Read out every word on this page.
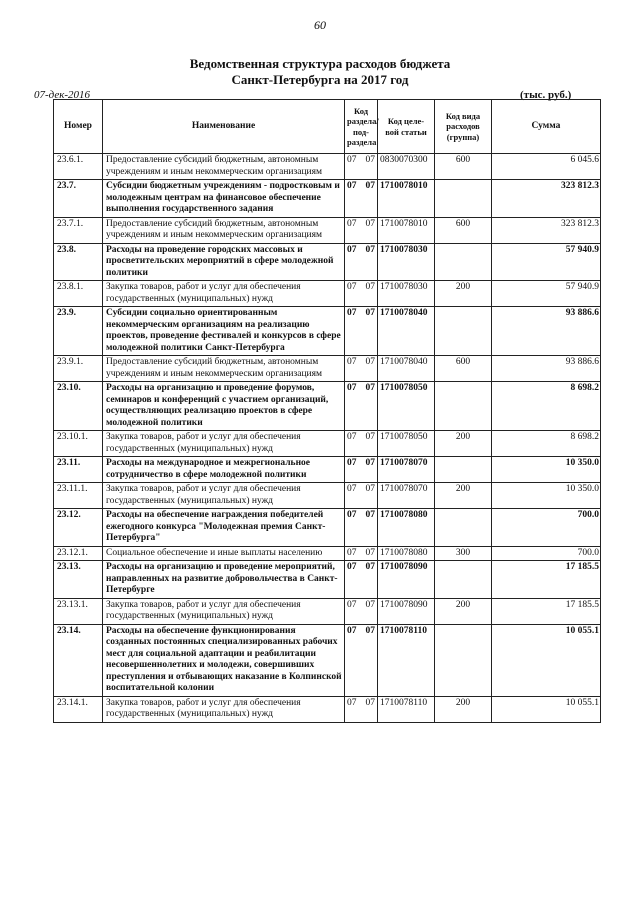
60
Ведомственная структура расходов бюджета
Санкт-Петербурга на 2017 год
07-дек-2016	(тыс. руб.)
Номер	Наименование	Код раздела/ под- раздела	Код целе- вой статьи	Код вида расходов (группа)	Сумма
23.6.1.	Предоставление субсидий бюджетным, автономным учреждениям и иным некоммерческим организациям	07 07	0830070300	600	6 045.6
23.7.	Субсидии бюджетным учреждениям - подростковым и молодежным центрам на финансовое обеспечение выполнения государственного задания	07 07	1710078010		323 812.3
23.7.1.	Предоставление субсидий бюджетным, автономным учреждениям и иным некоммерческим организациям	07 07	1710078010	600	323 812.3
23.8.	Расходы на проведение городских массовых и просветительских мероприятий в сфере молодежной политики	07 07	1710078030		57 940.9
23.8.1.	Закупка товаров, работ и услуг для обеспечения государственных (муниципальных) нужд	07 07	1710078030	200	57 940.9
23.9.	Субсидии социально ориентированным некоммерческим организациям на реализацию проектов, проведение фестивалей и конкурсов в сфере молодежной политики Санкт-Петербурга	07 07	1710078040		93 886.6
23.9.1.	Предоставление субсидий бюджетным, автономным учреждениям и иным некоммерческим организациям	07 07	1710078040	600	93 886.6
23.10.	Расходы на организацию и проведение форумов, семинаров и конференций с участием организаций, осуществляющих реализацию проектов в сфере молодежной политики	07 07	1710078050		8 698.2
23.10.1.	Закупка товаров, работ и услуг для обеспечения государственных (муниципальных) нужд	07 07	1710078050	200	8 698.2
23.11.	Расходы на международное и межрегиональное сотрудничество в сфере молодежной политики	07 07	1710078070		10 350.0
23.11.1.	Закупка товаров, работ и услуг для обеспечения государственных (муниципальных) нужд	07 07	1710078070	200	10 350.0
23.12.	Расходы на обеспечение награждения победителей ежегодного конкурса "Молодежная премия Санкт-Петербурга"	07 07	1710078080		700.0
23.12.1.	Социальное обеспечение и иные выплаты населению	07 07	1710078080	300	700.0
23.13.	Расходы на организацию и проведение мероприятий, направленных на развитие добровольчества в Санкт-Петербурге	07 07	1710078090		17 185.5
23.13.1.	Закупка товаров, работ и услуг для обеспечения государственных (муниципальных) нужд	07 07	1710078090	200	17 185.5
23.14.	Расходы на обеспечение функционирования созданных постоянных специализированных рабочих мест для социальной адаптации и реабилитации несовершеннолетних и молодежи, совершивших преступления и отбывающих наказание в Колпинской воспитательной колонии	07 07	1710078110		10 055.1
23.14.1.	Закупка товаров, работ и услуг для обеспечения государственных (муниципальных) нужд	07 07	1710078110	200	10 055.1
